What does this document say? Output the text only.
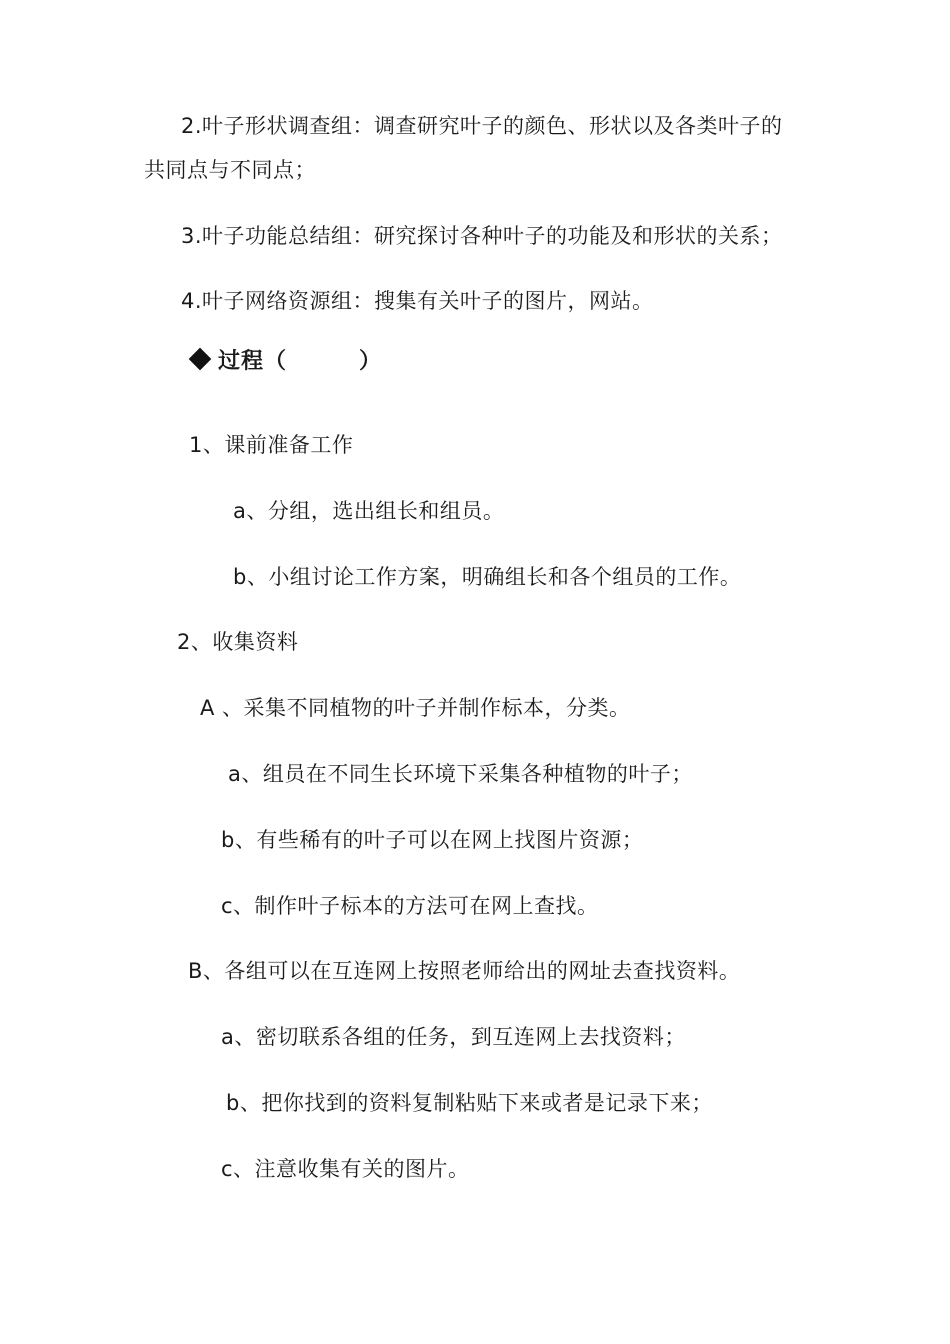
2.叶子形状调查组：调查研究叶子的颜色、形状以及各类叶子的
共同点与不同点；
3.叶子功能总结组：研究探讨各种叶子的功能及和形状的关系；
4.叶子网络资源组：搜集有关叶子的图片，网站。
过程（	）
1、课前准备工作
a、分组，选出组长和组员。
b、小组讨论工作方案，明确组长和各个组员的工作。
2、收集资料
A 、采集不同植物的叶子并制作标本，分类。
a、组员在不同生长环境下采集各种植物的叶子；
b、有些稀有的叶子可以在网上找图片资源；
c、制作叶子标本的方法可在网上查找。
B、各组可以在互连网上按照老师给出的网址去查找资料。
a、密切联系各组的任务，到互连网上去找资料；
b、把你找到的资料复制粘贴下来或者是记录下来；
c、注意收集有关的图片。
